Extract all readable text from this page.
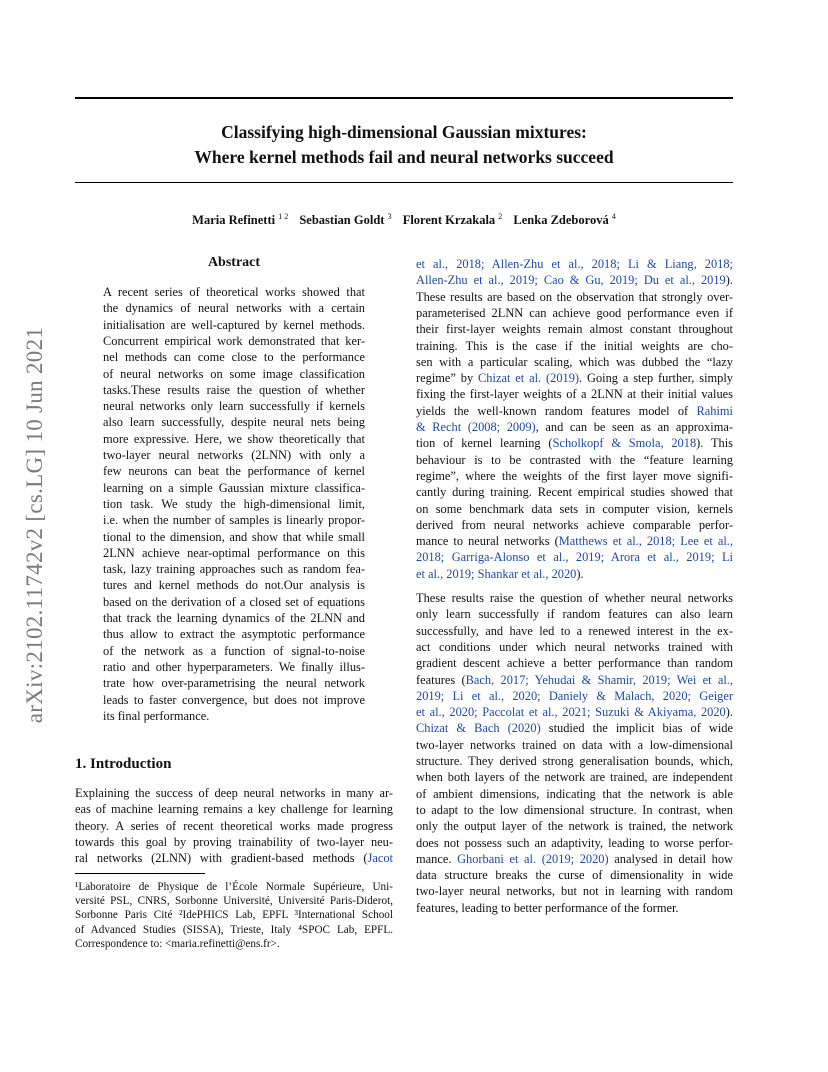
Classifying high-dimensional Gaussian mixtures:
Where kernel methods fail and neural networks succeed
Maria Refinetti $^{1 2}$ Sebastian Goldt $^3$ Florent Krzakala $^2$ Lenka Zdeborová $^4$
arXiv:2102.11742v2 [cs.LG] 10 Jun 2021
Abstract
A recent series of theoretical works showed that
the dynamics of neural networks with a certain
initialisation are well-captured by kernel methods.
Concurrent empirical work demonstrated that ker-
nel methods can come close to the performance
of neural networks on some image classification
tasks.These results raise the question of whether
neural networks only learn successfully if kernels
also learn successfully, despite neural nets being
more expressive. Here, we show theoretically that
two-layer neural networks (2LNN) with only a
few neurons can beat the performance of kernel
learning on a simple Gaussian mixture classifica-
tion task. We study the high-dimensional limit,
i.e. when the number of samples is linearly propor-
tional to the dimension, and show that while small
2LNN achieve near-optimal performance on this
task, lazy training approaches such as random fea-
tures and kernel methods do not.Our analysis is
based on the derivation of a closed set of equations
that track the learning dynamics of the 2LNN and
thus allow to extract the asymptotic performance
of the network as a function of signal-to-noise
ratio and other hyperparameters. We finally illus-
trate how over-parametrising the neural network
leads to faster convergence, but does not improve
its final performance.
1. Introduction
Explaining the success of deep neural networks in many ar-
eas of machine learning remains a key challenge for learning
theory. A series of recent theoretical works made progress
towards this goal by proving trainability of two-layer neu-
ral networks (2LNN) with gradient-based methods (Jacot
¹Laboratoire de Physique de l’École Normale Supérieure, Uni-
versité PSL, CNRS, Sorbonne Université, Université Paris-Diderot,
Sorbonne Paris Cité ²IdePHICS Lab, EPFL ³International School
of Advanced Studies (SISSA), Trieste, Italy ⁴SPOC Lab, EPFL.
Correspondence to: <maria.refinetti@ens.fr>.
et al., 2018; Allen-Zhu et al., 2018; Li & Liang, 2018;
Allen-Zhu et al., 2019; Cao & Gu, 2019; Du et al., 2019).
These results are based on the observation that strongly over-
parameterised 2LNN can achieve good performance even if
their first-layer weights remain almost constant throughout
training. This is the case if the initial weights are cho-
sen with a particular scaling, which was dubbed the “lazy
regime” by Chizat et al. (2019). Going a step further, simply
fixing the first-layer weights of a 2LNN at their initial values
yields the well-known random features model of Rahimi
& Recht (2008; 2009), and can be seen as an approxima-
tion of kernel learning (Scholkopf & Smola, 2018). This
behaviour is to be contrasted with the “feature learning
regime”, where the weights of the first layer move signifi-
cantly during training. Recent empirical studies showed that
on some benchmark data sets in computer vision, kernels
derived from neural networks achieve comparable perfor-
mance to neural networks (Matthews et al., 2018; Lee et al.,
2018; Garriga-Alonso et al., 2019; Arora et al., 2019; Li
et al., 2019; Shankar et al., 2020).
These results raise the question of whether neural networks
only learn successfully if random features can also learn
successfully, and have led to a renewed interest in the ex-
act conditions under which neural networks trained with
gradient descent achieve a better performance than random
features (Bach, 2017; Yehudai & Shamir, 2019; Wei et al.,
2019; Li et al., 2020; Daniely & Malach, 2020; Geiger
et al., 2020; Paccolat et al., 2021; Suzuki & Akiyama, 2020).
Chizat & Bach (2020) studied the implicit bias of wide
two-layer networks trained on data with a low-dimensional
structure. They derived strong generalisation bounds, which,
when both layers of the network are trained, are independent
of ambient dimensions, indicating that the network is able
to adapt to the low dimensional structure. In contrast, when
only the output layer of the network is trained, the network
does not possess such an adaptivity, leading to worse perfor-
mance. Ghorbani et al. (2019; 2020) analysed in detail how
data structure breaks the curse of dimensionality in wide
two-layer neural networks, but not in learning with random
features, leading to better performance of the former.
